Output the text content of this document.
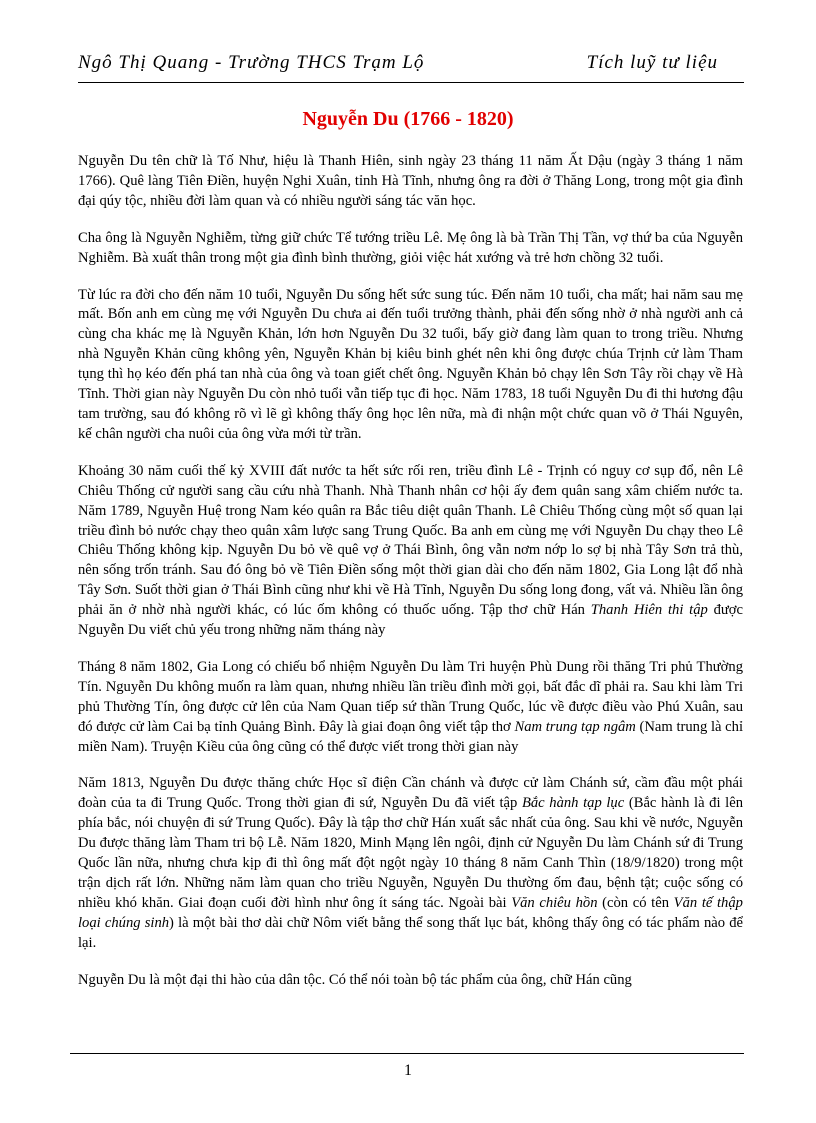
Ngô Thị Quang - Trường THCS Trạm Lộ	Tích luỹ tư liệu
Nguyễn Du (1766 - 1820)

Nguyễn Du tên chữ là Tố Như, hiệu là Thanh Hiên, sinh ngày 23 tháng 11 năm Ất Dậu (ngày 3 tháng 1 năm 1766). Quê làng Tiên Điền, huyện Nghi Xuân, tỉnh Hà Tĩnh, nhưng ông ra đời ở Thăng Long, trong một gia đình đại qúy tộc, nhiều đời làm quan và có nhiều người sáng tác văn học.

Cha ông là Nguyễn Nghiễm, từng giữ chức Tể tướng triều Lê. Mẹ ông là bà Trần Thị Tần, vợ thứ ba của Nguyễn Nghiễm. Bà xuất thân trong một gia đình bình thường, giỏi việc hát xướng và trẻ hơn chồng 32 tuổi.

Từ lúc ra đời cho đến năm 10 tuổi, Nguyễn Du sống hết sức sung túc. Đến năm 10 tuổi, cha mất; hai năm sau mẹ mất. Bốn anh em cùng mẹ với Nguyễn Du chưa ai đến tuổi trưởng thành, phải đến sống nhờ ở nhà người anh cả cùng cha khác mẹ là Nguyễn Khản, lớn hơn Nguyễn Du 32 tuổi, bấy giờ đang làm quan to trong triều. Nhưng nhà Nguyễn Khản cũng không yên, Nguyễn Khản bị kiêu binh ghét nên khi ông được chúa Trịnh cử làm Tham tụng thì họ kéo đến phá tan nhà của ông và toan giết chết ông. Nguyễn Khản bỏ chạy lên Sơn Tây rồi chạy về Hà Tĩnh. Thời gian này Nguyễn Du còn nhỏ tuổi vẫn tiếp tục đi học. Năm 1783, 18 tuổi Nguyễn Du đi thi hương đậu tam trường, sau đó không rõ vì lẽ gì không thấy ông học lên nữa, mà đi nhận một chức quan võ ở Thái Nguyên, kế chân người cha nuôi của ông vừa mới từ trần.

Khoảng 30 năm cuối thế kỷ XVIII đất nước ta hết sức rối ren, triều đình Lê - Trịnh có nguy cơ sụp đổ, nên Lê Chiêu Thống cử người sang cầu cứu nhà Thanh. Nhà Thanh nhân cơ hội ấy đem quân sang xâm chiếm nước ta. Năm 1789, Nguyễn Huệ trong Nam kéo quân ra Bắc tiêu diệt quân Thanh. Lê Chiêu Thống cùng một số quan lại triều đình bỏ nước chạy theo quân xâm lược sang Trung Quốc. Ba anh em cùng mẹ với Nguyễn Du chạy theo Lê Chiêu Thống không kịp. Nguyễn Du bỏ về quê vợ ở Thái Bình, ông vẫn nơm nớp lo sợ bị nhà Tây Sơn trả thù, nên sống trốn tránh. Sau đó ông bỏ về Tiên Điền sống một thời gian dài cho đến năm 1802, Gia Long lật đổ nhà Tây Sơn. Suốt thời gian ở Thái Bình cũng như khi về Hà Tĩnh, Nguyễn Du sống long đong, vất vả. Nhiều lần ông phải ăn ở nhờ nhà người khác, có lúc ốm không có thuốc uống. Tập thơ chữ Hán Thanh Hiên thi tập được Nguyễn Du viết chủ yếu trong những năm tháng này

Tháng 8 năm 1802, Gia Long có chiếu bổ nhiệm Nguyễn Du làm Tri huyện Phù Dung rồi thăng Tri phủ Thường Tín. Nguyễn Du không muốn ra làm quan, nhưng nhiều lần triều đình mời gọi, bất đắc dĩ phải ra. Sau khi làm Tri phủ Thường Tín, ông được cử lên của Nam Quan tiếp sứ thần Trung Quốc, lúc về được điều vào Phú Xuân, sau đó được cử làm Cai bạ tỉnh Quảng Bình. Đây là giai đoạn ông viết tập thơ Nam trung tạp ngâm (Nam trung là chỉ miền Nam). Truyện Kiều của ông cũng có thể được viết trong thời gian này

Năm 1813, Nguyễn Du được thăng chức Học sĩ điện Cần chánh và được cử làm Chánh sứ, cầm đầu một phái đoàn của ta đi Trung Quốc. Trong thời gian đi sứ, Nguyễn Du đã viết tập Bắc hành tạp lục (Bắc hành là đi lên phía bắc, nói chuyện đi sứ Trung Quốc). Đây là tập thơ chữ Hán xuất sắc nhất của ông. Sau khi về nước, Nguyễn Du được thăng làm Tham tri bộ Lễ. Năm 1820, Minh Mạng lên ngôi, định cử Nguyễn Du làm Chánh sứ đi Trung Quốc lần nữa, nhưng chưa kịp đi thì ông mất đột ngột ngày 10 tháng 8 năm Canh Thìn (18/9/1820) trong một trận dịch rất lớn. Những năm làm quan cho triều Nguyễn, Nguyễn Du thường ốm đau, bệnh tật; cuộc sống có nhiều khó khăn. Giai đoạn cuối đời hình như ông ít sáng tác. Ngoài bài Văn chiêu hồn (còn có tên Văn tế thập loại chúng sinh) là một bài thơ dài chữ Nôm viết bằng thể song thất lục bát, không thấy ông có tác phẩm nào để lại.

Nguyễn Du là một đại thi hào của dân tộc. Có thể nói toàn bộ tác phẩm của ông, chữ Hán cũng

1
